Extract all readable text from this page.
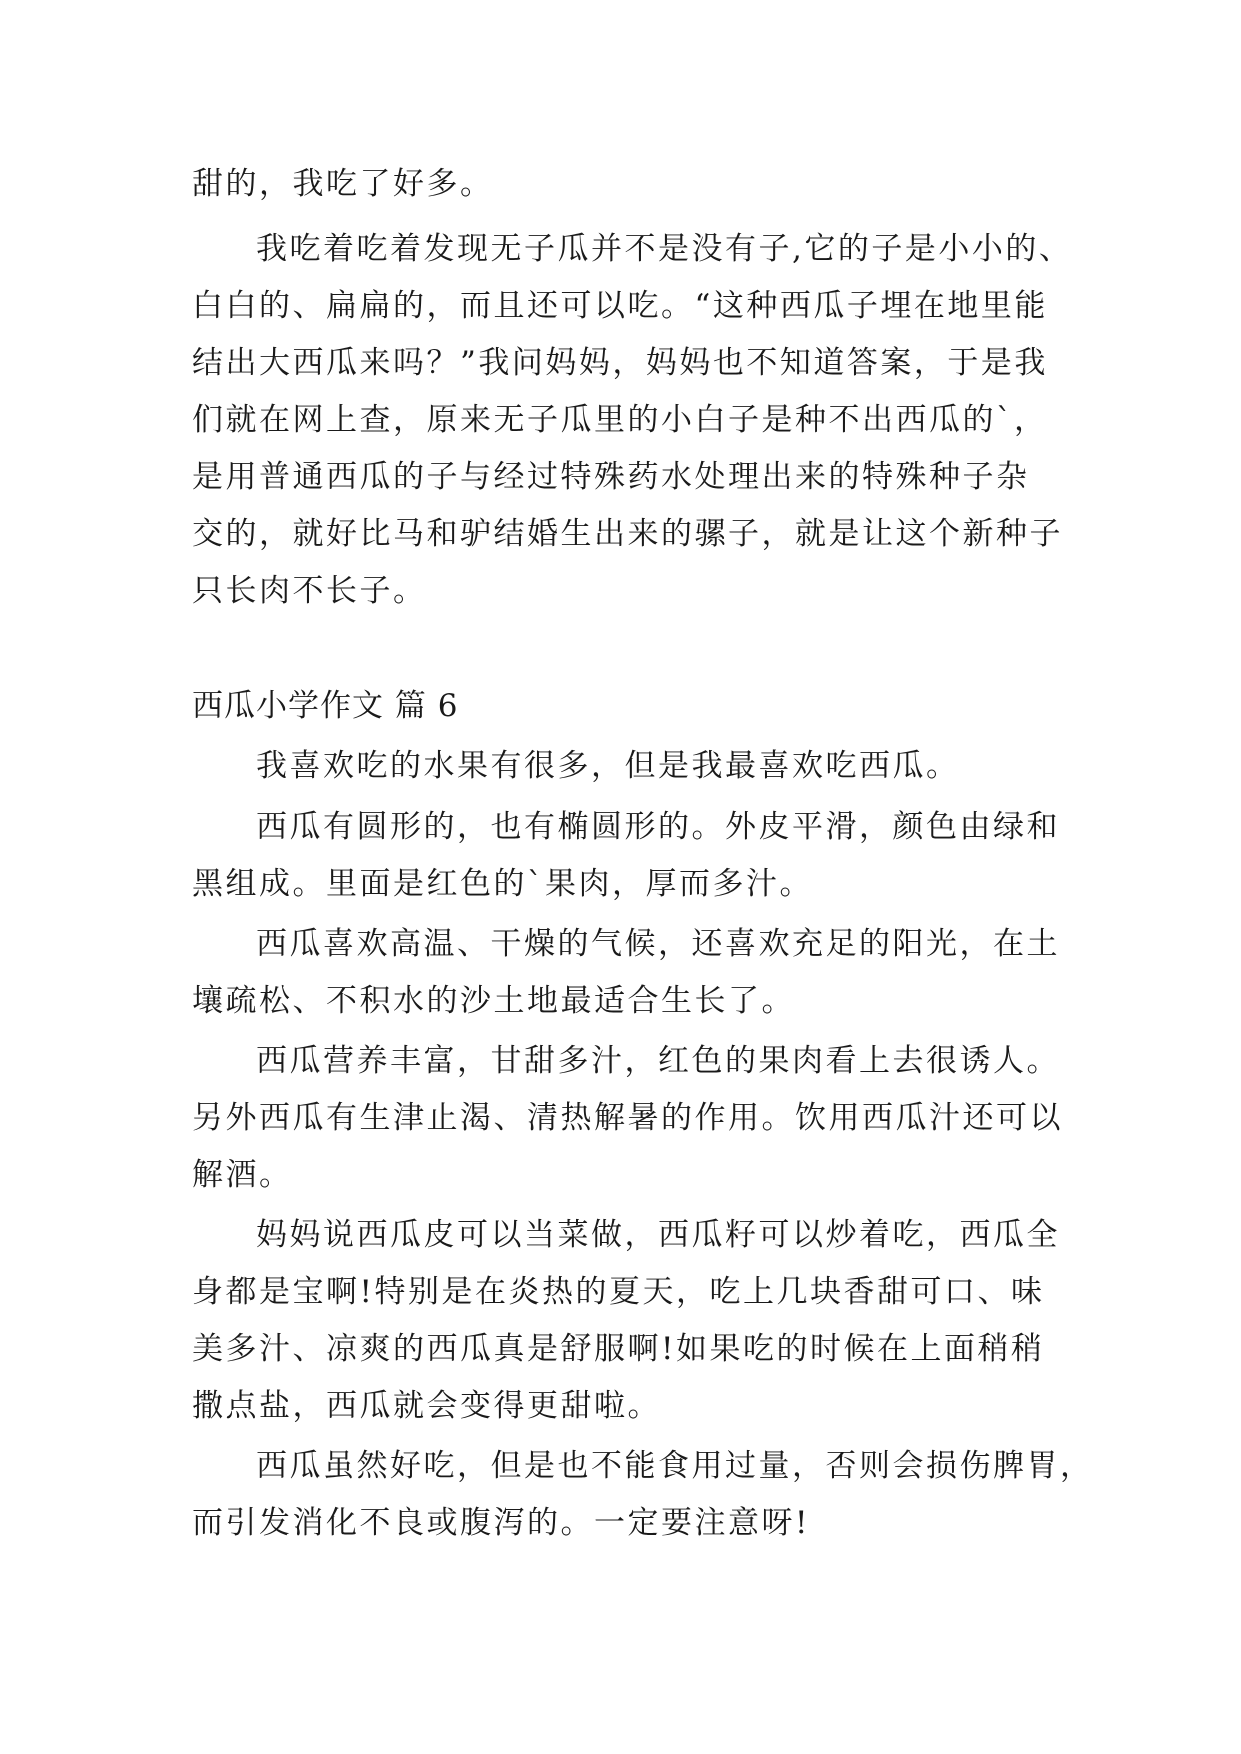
甜的，我吃了好多。
我吃着吃着发现无子瓜并不是没有子,它的子是小小的、
白白的、扁扁的，而且还可以吃。“这种西瓜子埋在地里能
结出大西瓜来吗？”我问妈妈，妈妈也不知道答案，于是我
们就在网上查，原来无子瓜里的小白子是种不出西瓜的`，
是用普通西瓜的子与经过特殊药水处理出来的特殊种子杂
交的，就好比马和驴结婚生出来的骡子，就是让这个新种子
只长肉不长子。
西瓜小学作文 篇 6
我喜欢吃的水果有很多，但是我最喜欢吃西瓜。
西瓜有圆形的，也有椭圆形的。外皮平滑，颜色由绿和
黑组成。里面是红色的`果肉，厚而多汁。
西瓜喜欢高温、干燥的气候，还喜欢充足的阳光，在土
壤疏松、不积水的沙土地最适合生长了。
西瓜营养丰富，甘甜多汁，红色的果肉看上去很诱人。
另外西瓜有生津止渴、清热解暑的作用。饮用西瓜汁还可以
解酒。
妈妈说西瓜皮可以当菜做，西瓜籽可以炒着吃，西瓜全
身都是宝啊!特别是在炎热的夏天，吃上几块香甜可口、味
美多汁、凉爽的西瓜真是舒服啊!如果吃的时候在上面稍稍
撒点盐，西瓜就会变得更甜啦。
西瓜虽然好吃，但是也不能食用过量，否则会损伤脾胃，
而引发消化不良或腹泻的。一定要注意呀!
